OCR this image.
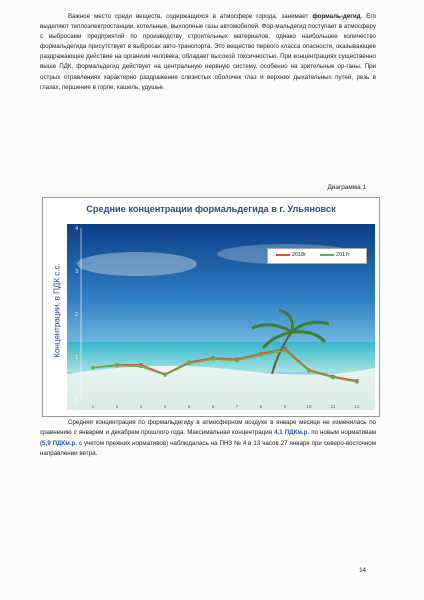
Важное место среди веществ, содержащихся в атмосфере города, занимает формаль-дегид. Его выделяют теплоэлектростанции, котельные, выхлопные газы автомобилей. Фор-мальдегид поступает в атмосферу с выбросами предприятий по производству строительных материалов, однако наибольшее количество формальдегида присутствует в выбросах авто-транспорта. Это вещество первого класса опасности, оказывающее раздражающее действие на организм человека, обладает высокой токсичностью. При концентрациях существенно выше ПДК, формальдегид действует на центральную нервную систему, особенно на зрительные ор-ганы. При острых отравлениях характерно раздражение слизистых оболочек глаз и верхних дыхательных путей, резь в глазах, першение в горле, кашель, удушье.
Диаграмма 1
Средние концентрации формальдегида в г. Ульяновск
Концентрации, в ПДК с.с.
0
1
2
3
4
1	2	3	4	5	6	7	8	9	10	11	12
2018г	2017г
Средняя концентрация по формальдегиду в атмосферном воздухе в январе месяце не изменилась по сравнению с январем и декабрем прошлого года. Максимальная концентрация 4,1 ПДКм.р. по новым нормативам (5,9 ПДКм.р. с учетом прежних нормативов) наблюдалась на ПНЗ № 4 в 13 часов 27 января при северо-восточном направлении ветра.
14
